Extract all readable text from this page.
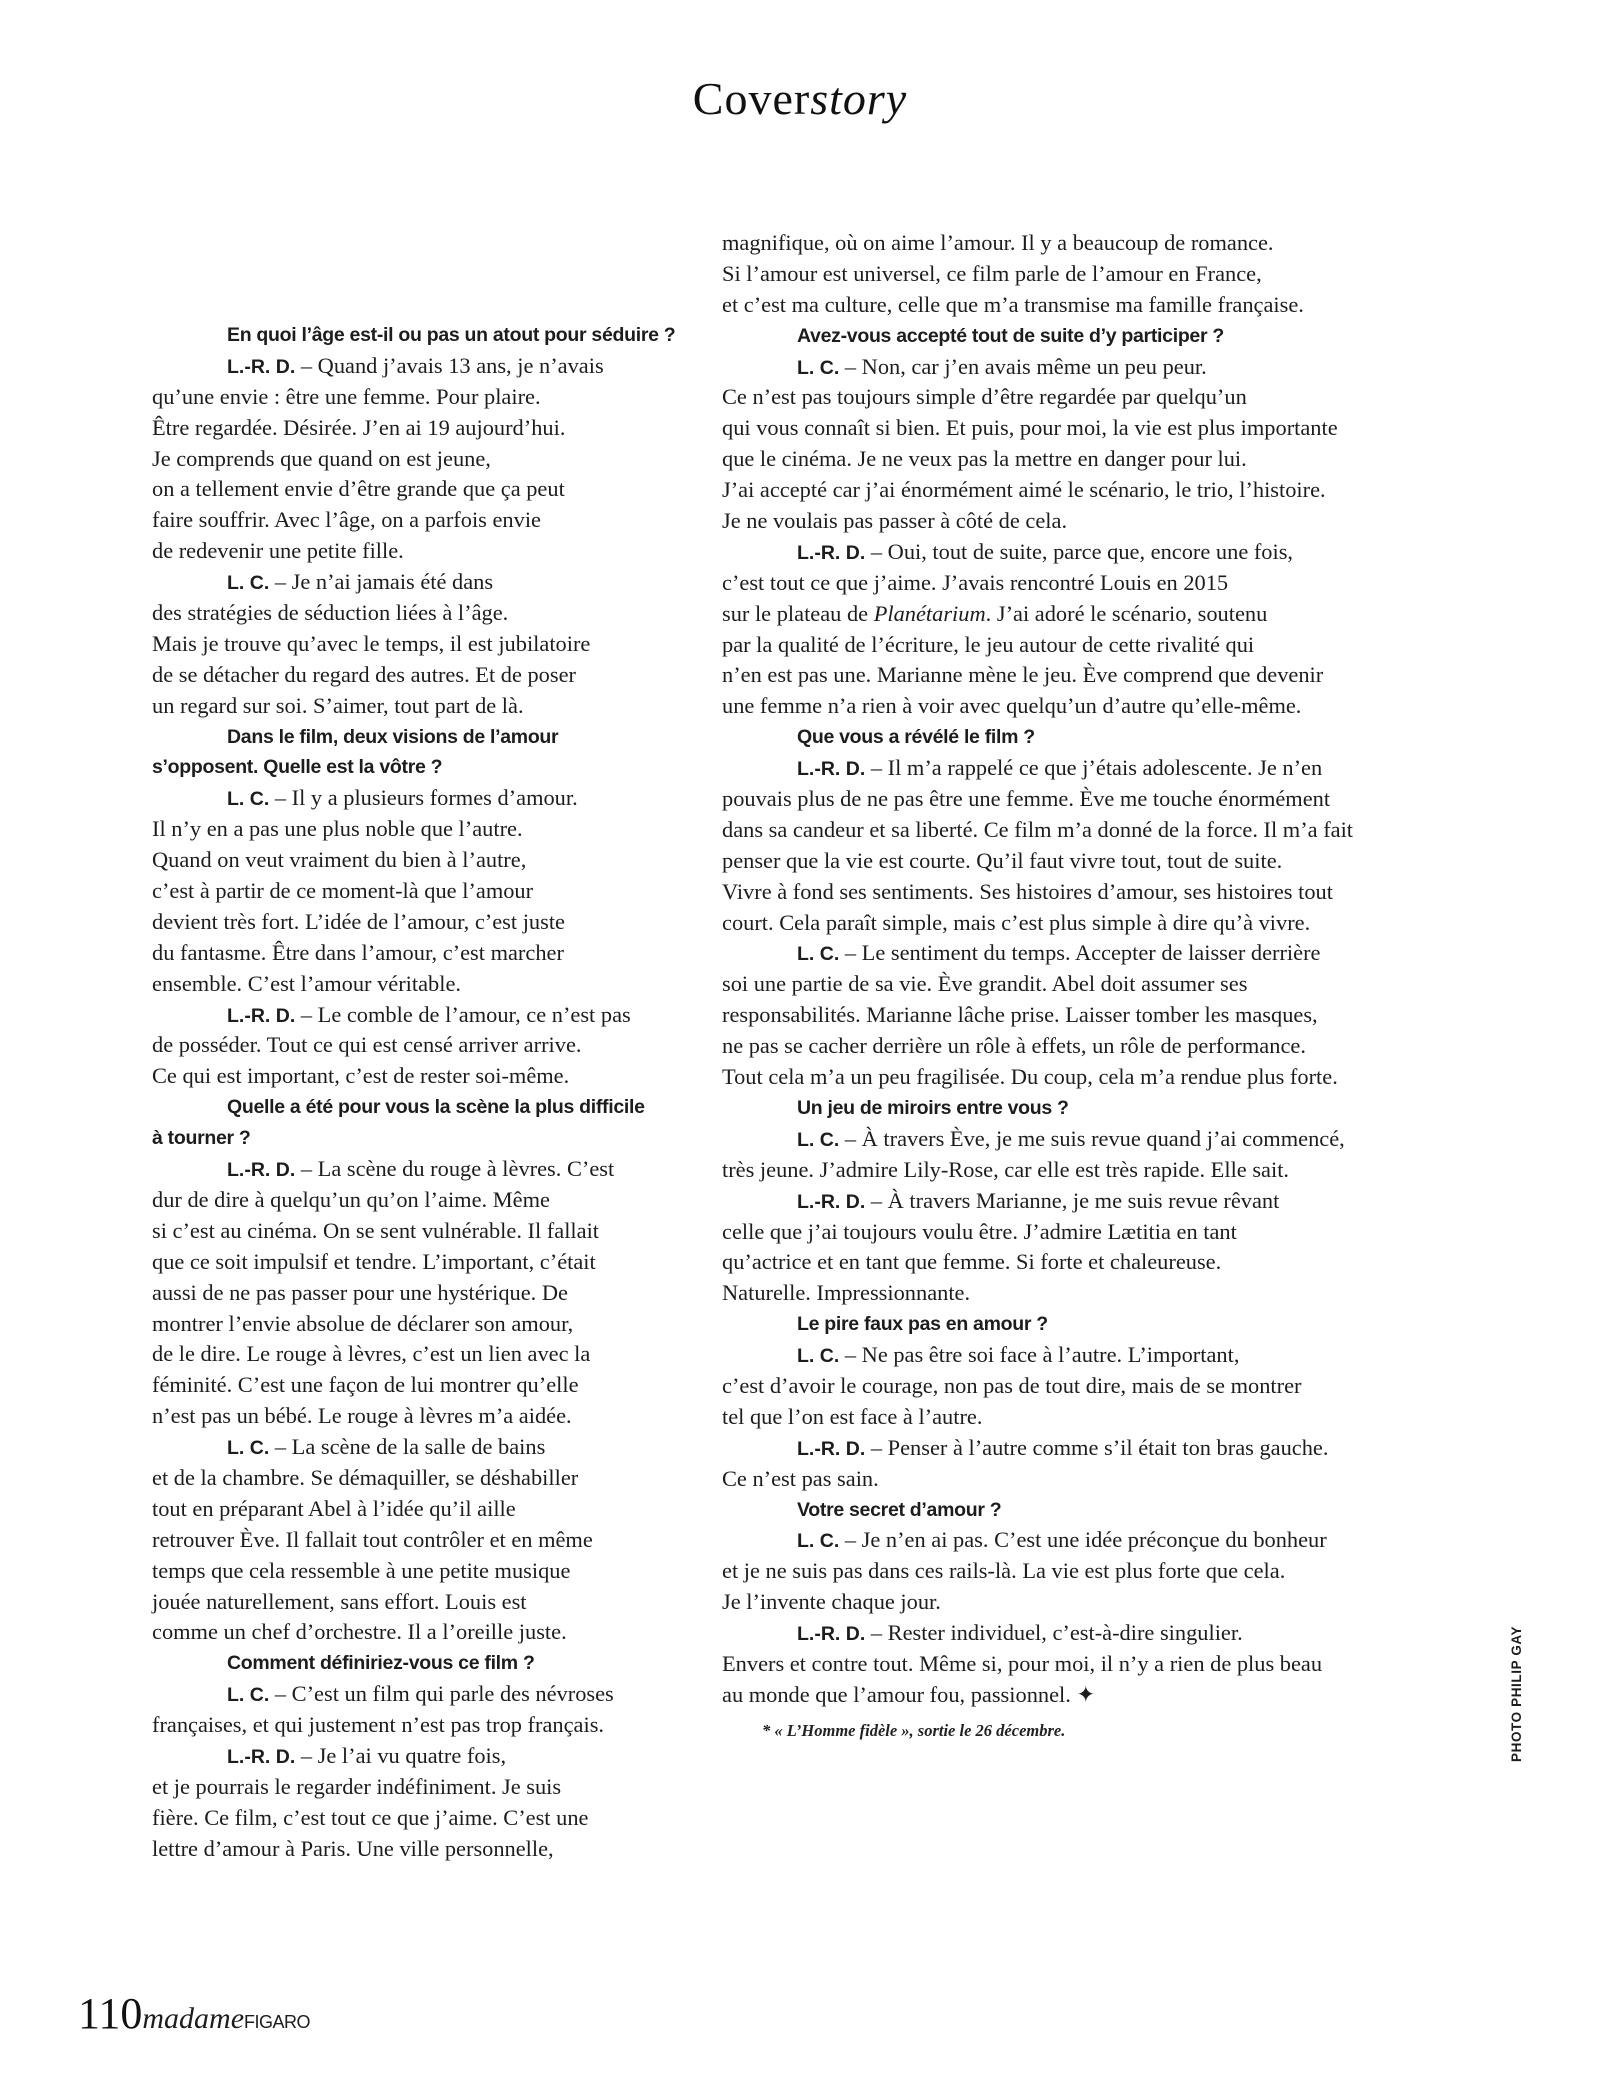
Coverstory
En quoi l’âge est-il ou pas un atout pour séduire ?
L.-R. D. – Quand j’avais 13 ans, je n’avais
qu’une envie : être une femme. Pour plaire.
Être regardée. Désirée. J’en ai 19 aujourd’hui.
Je comprends que quand on est jeune,
on a tellement envie d’être grande que ça peut
faire souffrir. Avec l’âge, on a parfois envie
de redevenir une petite fille.
L. C. – Je n’ai jamais été dans
des stratégies de séduction liées à l’âge.
Mais je trouve qu’avec le temps, il est jubilatoire
de se détacher du regard des autres. Et de poser
un regard sur soi. S’aimer, tout part de là.
Dans le film, deux visions de l’amour
s’opposent. Quelle est la vôtre ?
L. C. – Il y a plusieurs formes d’amour.
Il n’y en a pas une plus noble que l’autre.
Quand on veut vraiment du bien à l’autre,
c’est à partir de ce moment-là que l’amour
devient très fort. L’idée de l’amour, c’est juste
du fantasme. Être dans l’amour, c’est marcher
ensemble. C’est l’amour véritable.
L.-R. D. – Le comble de l’amour, ce n’est pas
de posséder. Tout ce qui est censé arriver arrive.
Ce qui est important, c’est de rester soi-même.
Quelle a été pour vous la scène la plus difficile
à tourner ?
L.-R. D. – La scène du rouge à lèvres. C’est
dur de dire à quelqu’un qu’on l’aime. Même
si c’est au cinéma. On se sent vulnérable. Il fallait
que ce soit impulsif et tendre. L’important, c’était
aussi de ne pas passer pour une hystérique. De
montrer l’envie absolue de déclarer son amour,
de le dire. Le rouge à lèvres, c’est un lien avec la
féminité. C’est une façon de lui montrer qu’elle
n’est pas un bébé. Le rouge à lèvres m’a aidée.
L. C. – La scène de la salle de bains
et de la chambre. Se démaquiller, se déshabiller
tout en préparant Abel à l’idée qu’il aille
retrouver Ève. Il fallait tout contrôler et en même
temps que cela ressemble à une petite musique
jouée naturellement, sans effort. Louis est
comme un chef d’orchestre. Il a l’oreille juste.
Comment définiriez-vous ce film ?
L. C. – C’est un film qui parle des névroses
françaises, et qui justement n’est pas trop français.
L.-R. D. – Je l’ai vu quatre fois,
et je pourrais le regarder indéfiniment. Je suis
fière. Ce film, c’est tout ce que j’aime. C’est une
lettre d’amour à Paris. Une ville personnelle,
magnifique, où on aime l’amour. Il y a beaucoup de romance.
Si l’amour est universel, ce film parle de l’amour en France,
et c’est ma culture, celle que m’a transmise ma famille française.
Avez-vous accepté tout de suite d’y participer ?
L. C. – Non, car j’en avais même un peu peur.
Ce n’est pas toujours simple d’être regardée par quelqu’un
qui vous connaît si bien. Et puis, pour moi, la vie est plus importante
que le cinéma. Je ne veux pas la mettre en danger pour lui.
J’ai accepté car j’ai énormément aimé le scénario, le trio, l’histoire.
Je ne voulais pas passer à côté de cela.
L.-R. D. – Oui, tout de suite, parce que, encore une fois,
c’est tout ce que j’aime. J’avais rencontré Louis en 2015
sur le plateau de Planétarium. J’ai adoré le scénario, soutenu
par la qualité de l’écriture, le jeu autour de cette rivalité qui
n’en est pas une. Marianne mène le jeu. Ève comprend que devenir
une femme n’a rien à voir avec quelqu’un d’autre qu’elle-même.
Que vous a révélé le film ?
L.-R. D. – Il m’a rappelé ce que j’étais adolescente. Je n’en
pouvais plus de ne pas être une femme. Ève me touche énormément
dans sa candeur et sa liberté. Ce film m’a donné de la force. Il m’a fait
penser que la vie est courte. Qu’il faut vivre tout, tout de suite.
Vivre à fond ses sentiments. Ses histoires d’amour, ses histoires tout
court. Cela paraît simple, mais c’est plus simple à dire qu’à vivre.
L. C. – Le sentiment du temps. Accepter de laisser derrière
soi une partie de sa vie. Ève grandit. Abel doit assumer ses
responsabilités. Marianne lâche prise. Laisser tomber les masques,
ne pas se cacher derrière un rôle à effets, un rôle de performance.
Tout cela m’a un peu fragilisée. Du coup, cela m’a rendue plus forte.
Un jeu de miroirs entre vous ?
L. C. – À travers Ève, je me suis revue quand j’ai commencé,
très jeune. J’admire Lily-Rose, car elle est très rapide. Elle sait.
L.-R. D. – À travers Marianne, je me suis revue rêvant
celle que j’ai toujours voulu être. J’admire Lætitia en tant
qu’actrice et en tant que femme. Si forte et chaleureuse.
Naturelle. Impressionnante.
Le pire faux pas en amour ?
L. C. – Ne pas être soi face à l’autre. L’important,
c’est d’avoir le courage, non pas de tout dire, mais de se montrer
tel que l’on est face à l’autre.
L.-R. D. – Penser à l’autre comme s’il était ton bras gauche.
Ce n’est pas sain.
Votre secret d’amour ?
L. C. – Je n’en ai pas. C’est une idée préconçue du bonheur
et je ne suis pas dans ces rails-là. La vie est plus forte que cela.
Je l’invente chaque jour.
L.-R. D. – Rester individuel, c’est-à-dire singulier.
Envers et contre tout. Même si, pour moi, il n’y a rien de plus beau
au monde que l’amour fou, passionnel. ✦
* « L’Homme fidèle », sortie le 26 décembre.	PHOTO PHILIP GAY
110madameFIGARO
